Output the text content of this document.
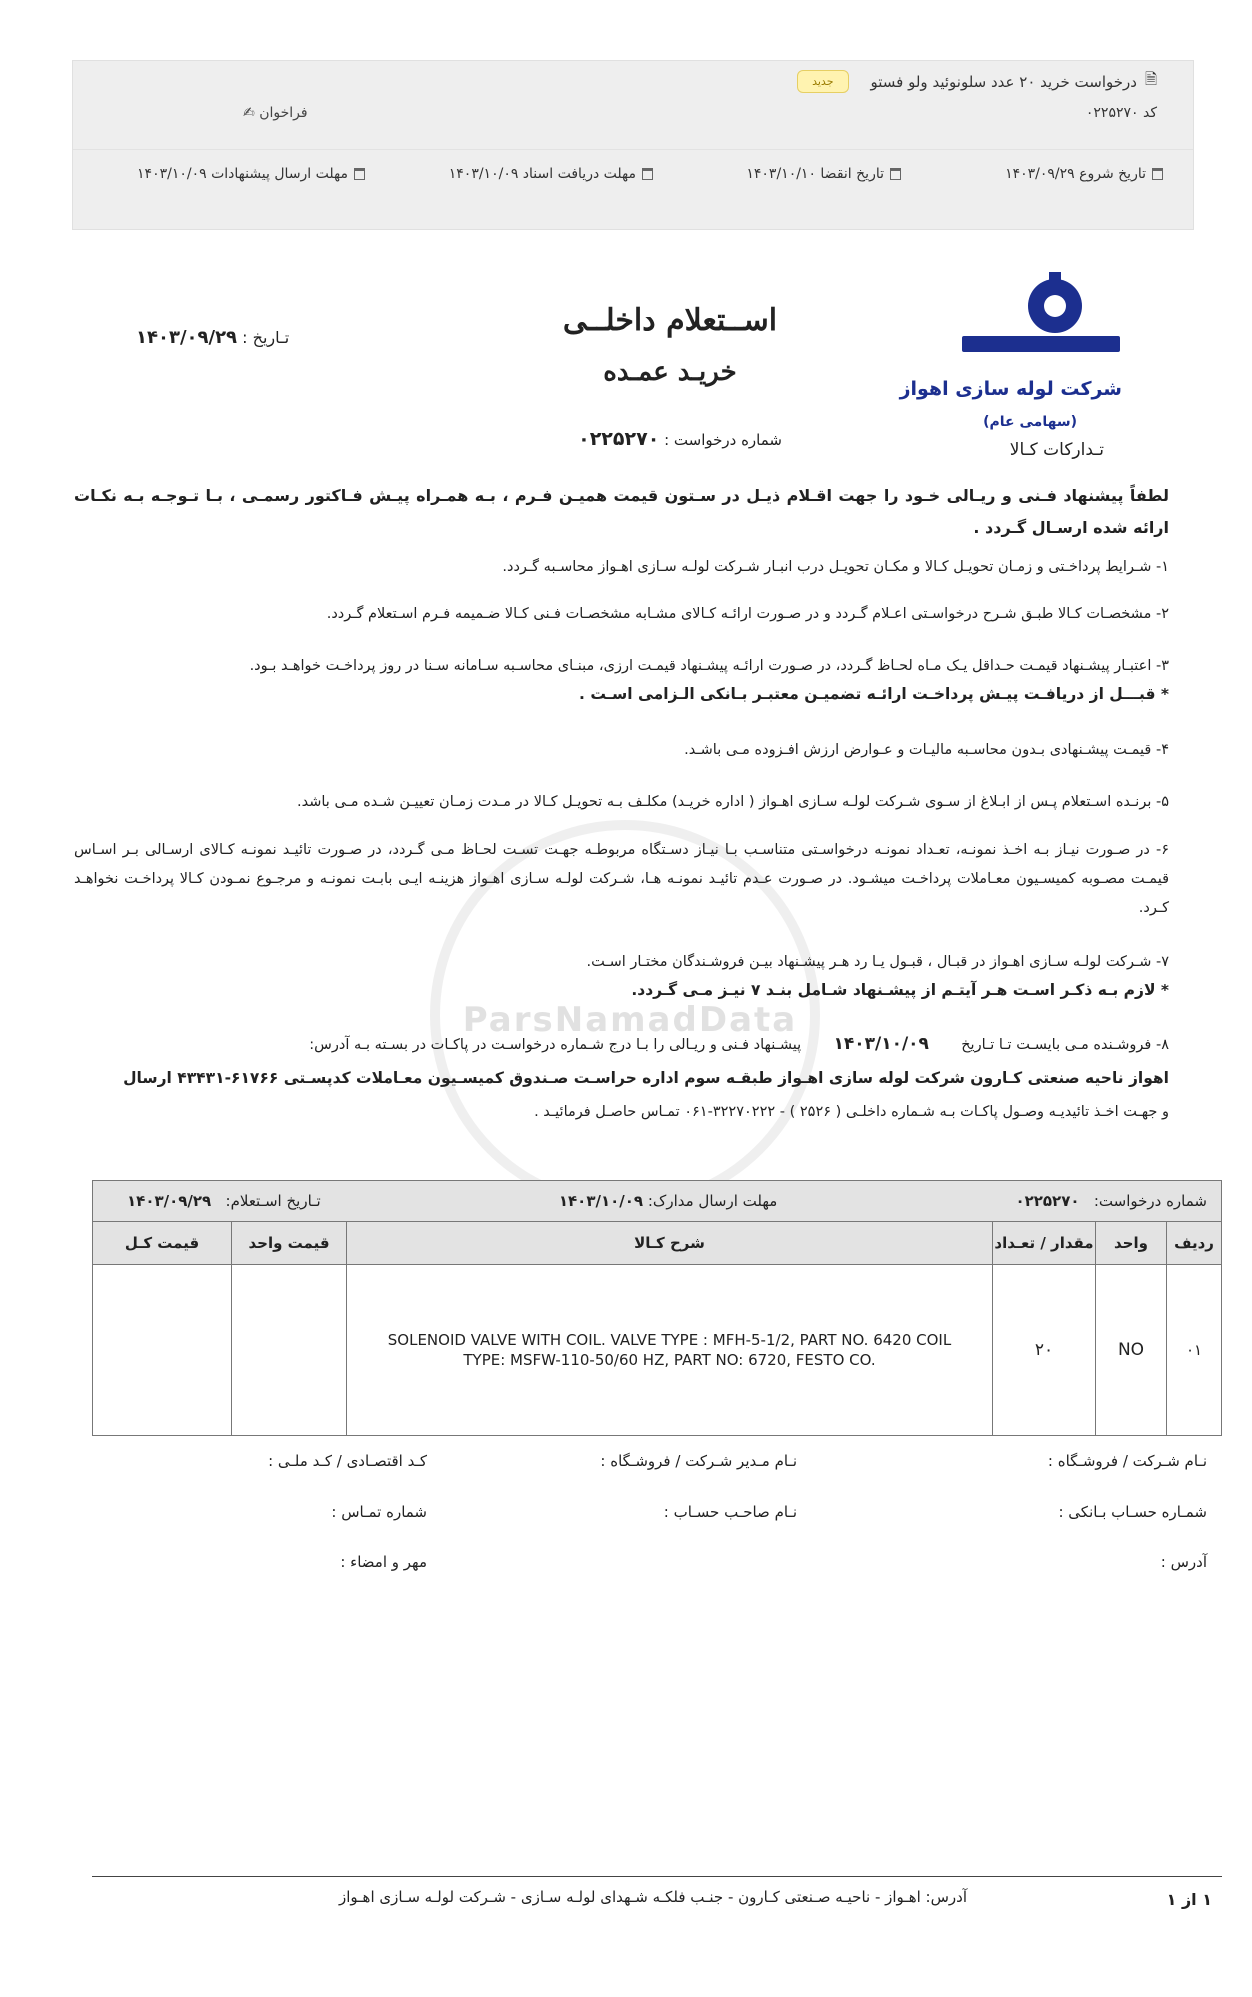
🗎
درخواست خرید ۲۰ عدد سلونوئید ولو فستو
جدید
کد ۰۲۲۵۲۷۰
فراخوان ✍
تاریخ شروع ۱۴۰۳/۰۹/۲۹
تاریخ انقضا ۱۴۰۳/۱۰/۱۰
مهلت دریافت اسناد ۱۴۰۳/۱۰/۰۹
مهلت ارسال پیشنهادات ۱۴۰۳/۱۰/۰۹
شرکت لوله سازی اهواز
(سهامی عام)
تـدارکات کـالا
اســتعلام داخلــی
خریـد عمـده
شماره درخواست : ۰۲۲۵۲۷۰
تـاریخ : ۱۴۰۳/۰۹/۲۹
ParsNamadData
لطفاً پیشنهاد فـنی و ریـالی خـود را جهت اقـلام ذیـل در سـتون قیمت همیـن فـرم ، بـه همـراه پیـش فـاکتور رسمـی ، بـا تـوجـه بـه نکـات ارائه شده ارسـال گـردد .
۱- شـرایط پرداخـتی و زمـان تحویـل کـالا و مکـان تحویـل درب انبـار شـرکت لولـه سـازی اهـواز محاسـبه گـردد.
۲- مشخصـات کـالا طبـق شـرح درخواسـتی اعـلام گـردد و در صـورت ارائـه کـالای مشـابه مشخصـات فـنی کـالا ضـمیمه فـرم اسـتعلام گـردد.
۳- اعتبـار پیشـنهاد قیمـت حـداقل یـک مـاه لحـاظ گـردد، در صـورت ارائـه پیشـنهاد قیمـت ارزی، مبنـای محاسـبه سـامانه سـنا در روز پرداخـت خواهـد بـود.
* قبـــل از دریافـت پیـش پرداخـت ارائـه تضمیـن معتبـر بـانکی الـزامی اسـت .
۴- قیمـت پیشـنهادی بـدون محاسـبه مالیـات و عـوارض ارزش افـزوده مـی باشـد.
۵- برنـده اسـتعلام پـس از ابـلاغ از سـوی شـرکت لولـه سـازی اهـواز ( اداره خریـد) مکلـف بـه تحویـل کـالا در مـدت زمـان تعییـن شـده مـی باشد.
۶- در صـورت نیـاز بـه اخـذ نمونـه، تعـداد نمونـه درخواسـتی متناسـب بـا نیـاز دسـتگاه مربوطـه جهـت تسـت لحـاظ مـی گـردد، در صـورت تائیـد نمونـه کـالای ارسـالی بـر اسـاس قیمـت مصـوبه کمیسـیون معـاملات پرداخـت میشـود. در صـورت عـدم تائیـد نمونـه هـا، شـرکت لولـه سـازی اهـواز هزینـه ایـی بابـت نمونـه و مرجـوع نمـودن کـالا پرداخـت نخواهـد کـرد.
۷- شـرکت لولـه سـازی اهـواز در قبـال ، قبـول یـا رد هـر پیشـنهاد بیـن فروشـندگان مختـار اسـت.
* لازم بـه ذکـر اسـت هـر آیتـم از پیشـنهاد شـامل بنـد ۷ نیـز مـی گـردد.
۸- فروشـنده مـی بایسـت تـا تـاریخ       ۱۴۰۳/۱۰/۰۹       پیشـنهاد فـنی و ریـالی را بـا درج شـماره درخواسـت در پاکـات در بسـته بـه آدرس:
اهواز ناحیه صنعتی کـارون شرکت لوله سازی اهـواز طبقـه سوم اداره حراسـت صـندوق کمیسـیون معـاملات کدپسـتی ۶۱۷۶۶-۴۳۴۳۱ ارسال
و جهـت اخـذ تائیدیـه وصـول پاکـات بـه شـماره داخلـی ( ۲۵۲۶ ) - ۳۲۲۷۰۲۲۲-۰۶۱ تمـاس حاصـل فرمائیـد .
شماره درخواست:   ۰۲۲۵۲۷۰
مهلت ارسال مدارک: ۱۴۰۳/۱۰/۰۹
تـاریخ اسـتعلام:   ۱۴۰۳/۰۹/۲۹					

ردیف	واحد	مقدار / تعـداد	شرح کـالا	قیمت واحد	قیمت کـل
۰۱	NO	۲۰	SOLENOID VALVE WITH COIL. VALVE TYPE : MFH-5-1/2, PART NO. 6420 COIL
TYPE: MSFW-110-50/60 HZ, PART NO: 6720, FESTO CO.		

نـام شـرکت / فروشـگاه :
نـام مـدیر شـرکت / فروشـگاه :
کـد اقتصـادی / کـد ملـی :
شمـاره حسـاب بـانکی :
نـام صاحـب حسـاب :
شماره تمـاس :
آدرس :
مهر و امضاء :
آدرس: اهـواز - ناحیـه صـنعتی کـارون - جنـب فلکـه شـهدای لولـه سـازی - شـرکت لولـه سـازی اهـواز	۱ از ۱
